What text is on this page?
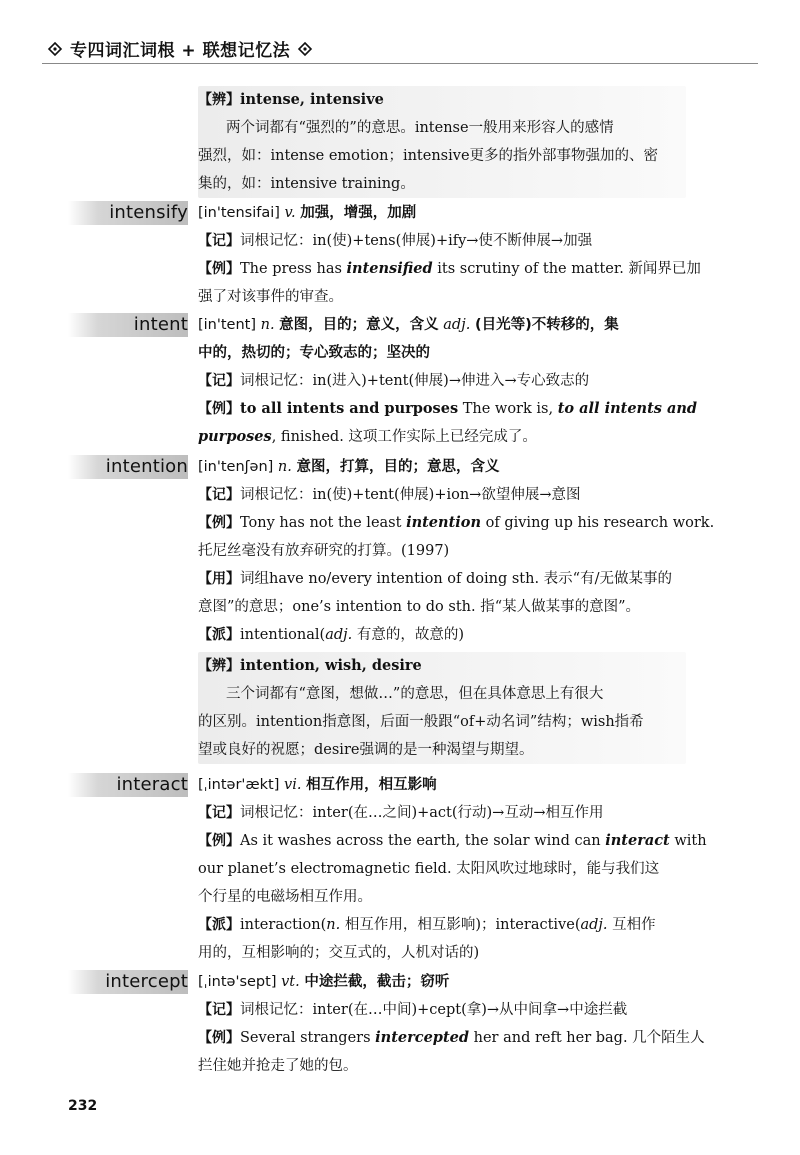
专四词汇词根 + 联想记忆法
【辨】intense, intensive
两个词都有“强烈的”的意思。intense一般用来形容人的感情
强烈，如：intense emotion；intensive更多的指外部事物强加的、密
集的，如：intensive training。
intensify [in'tensifai] v. 加强，增强，加剧
【记】词根记忆：in(使)+tens(伸展)+ify→使不断伸展→加强
【例】The press has intensified its scrutiny of the matter. 新闻界已加
强了对该事件的审查。
intent [in'tent] n. 意图，目的；意义，含义 adj. (目光等)不转移的，集
中的，热切的；专心致志的；坚决的
【记】词根记忆：in(进入)+tent(伸展)→伸进入→专心致志的
【例】to all intents and purposes The work is, to all intents and
purposes, finished. 这项工作实际上已经完成了。
intention [in'tenʃən] n. 意图，打算，目的；意思，含义
【记】词根记忆：in(使)+tent(伸展)+ion→欲望伸展→意图
【例】Tony has not the least intention of giving up his research work.
托尼丝毫没有放弃研究的打算。(1997)
【用】词组have no/every intention of doing sth. 表示“有/无做某事的
意图”的意思；one’s intention to do sth. 指“某人做某事的意图”。
【派】intentional(adj. 有意的，故意的)
【辨】intention, wish, desire
三个词都有“意图，想做…”的意思，但在具体意思上有很大
的区别。intention指意图，后面一般跟“of+动名词”结构；wish指希
望或良好的祝愿；desire强调的是一种渴望与期望。
interact [ˌintər'ækt] vi. 相互作用，相互影响
【记】词根记忆：inter(在…之间)+act(行动)→互动→相互作用
【例】As it washes across the earth, the solar wind can interact with
our planet’s electromagnetic field. 太阳风吹过地球时，能与我们这
个行星的电磁场相互作用。
【派】interaction(n. 相互作用，相互影响)；interactive(adj. 互相作
用的，互相影响的；交互式的，人机对话的)
intercept [ˌintə'sept] vt. 中途拦截，截击；窃听
【记】词根记忆：inter(在…中间)+cept(拿)→从中间拿→中途拦截
【例】Several strangers intercepted her and reft her bag. 几个陌生人
拦住她并抢走了她的包。
232
